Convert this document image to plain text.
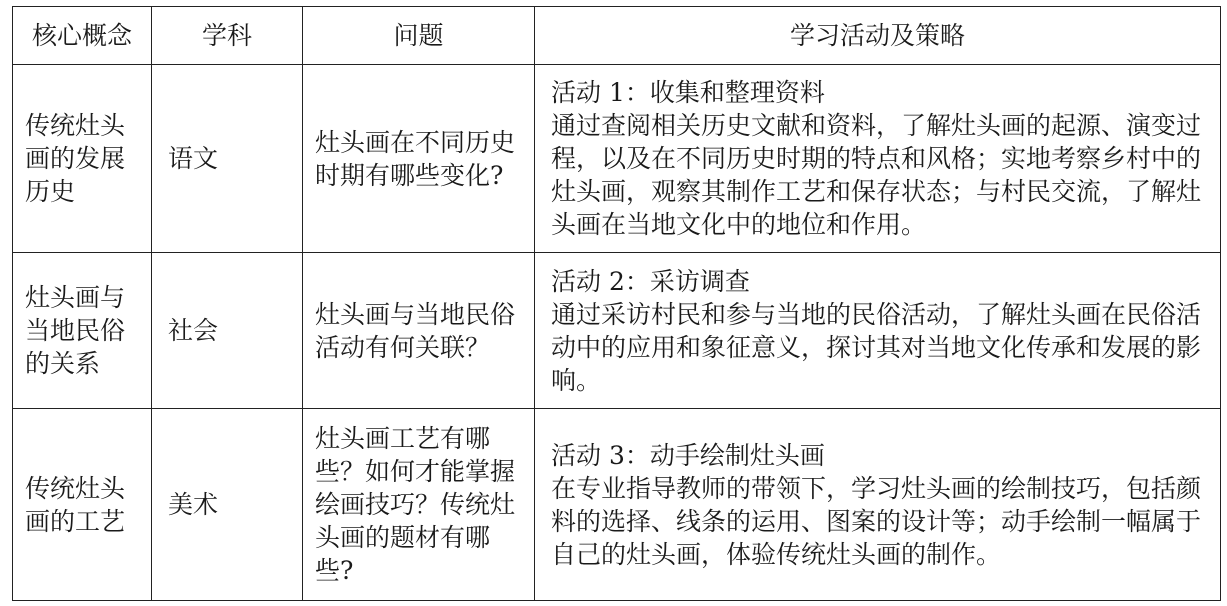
核心概念	学科	问题	学习活动及策略

传统灶头画的发展历史	语文	灶头画在不同历史时期有哪些变化?	活动 1：收集和整理资料
通过查阅相关历史文献和资料，了解灶头画的起源、演变过程，以及在不同历史时期的特点和风格；实地考察乡村中的灶头画，观察其制作工艺和保存状态；与村民交流，了解灶头画在当地文化中的地位和作用。

灶头画与当地民俗的关系	社会	灶头画与当地民俗活动有何关联？	活动 2：采访调查
通过采访村民和参与当地的民俗活动，了解灶头画在民俗活动中的应用和象征意义，探讨其对当地文化传承和发展的影响。

传统灶头画的工艺	美术	灶头画工艺有哪些？如何才能掌握绘画技巧？传统灶头画的题材有哪些?	活动 3：动手绘制灶头画
在专业指导教师的带领下，学习灶头画的绘制技巧，包括颜料的选择、线条的运用、图案的设计等；动手绘制一幅属于自己的灶头画，体验传统灶头画的制作。
